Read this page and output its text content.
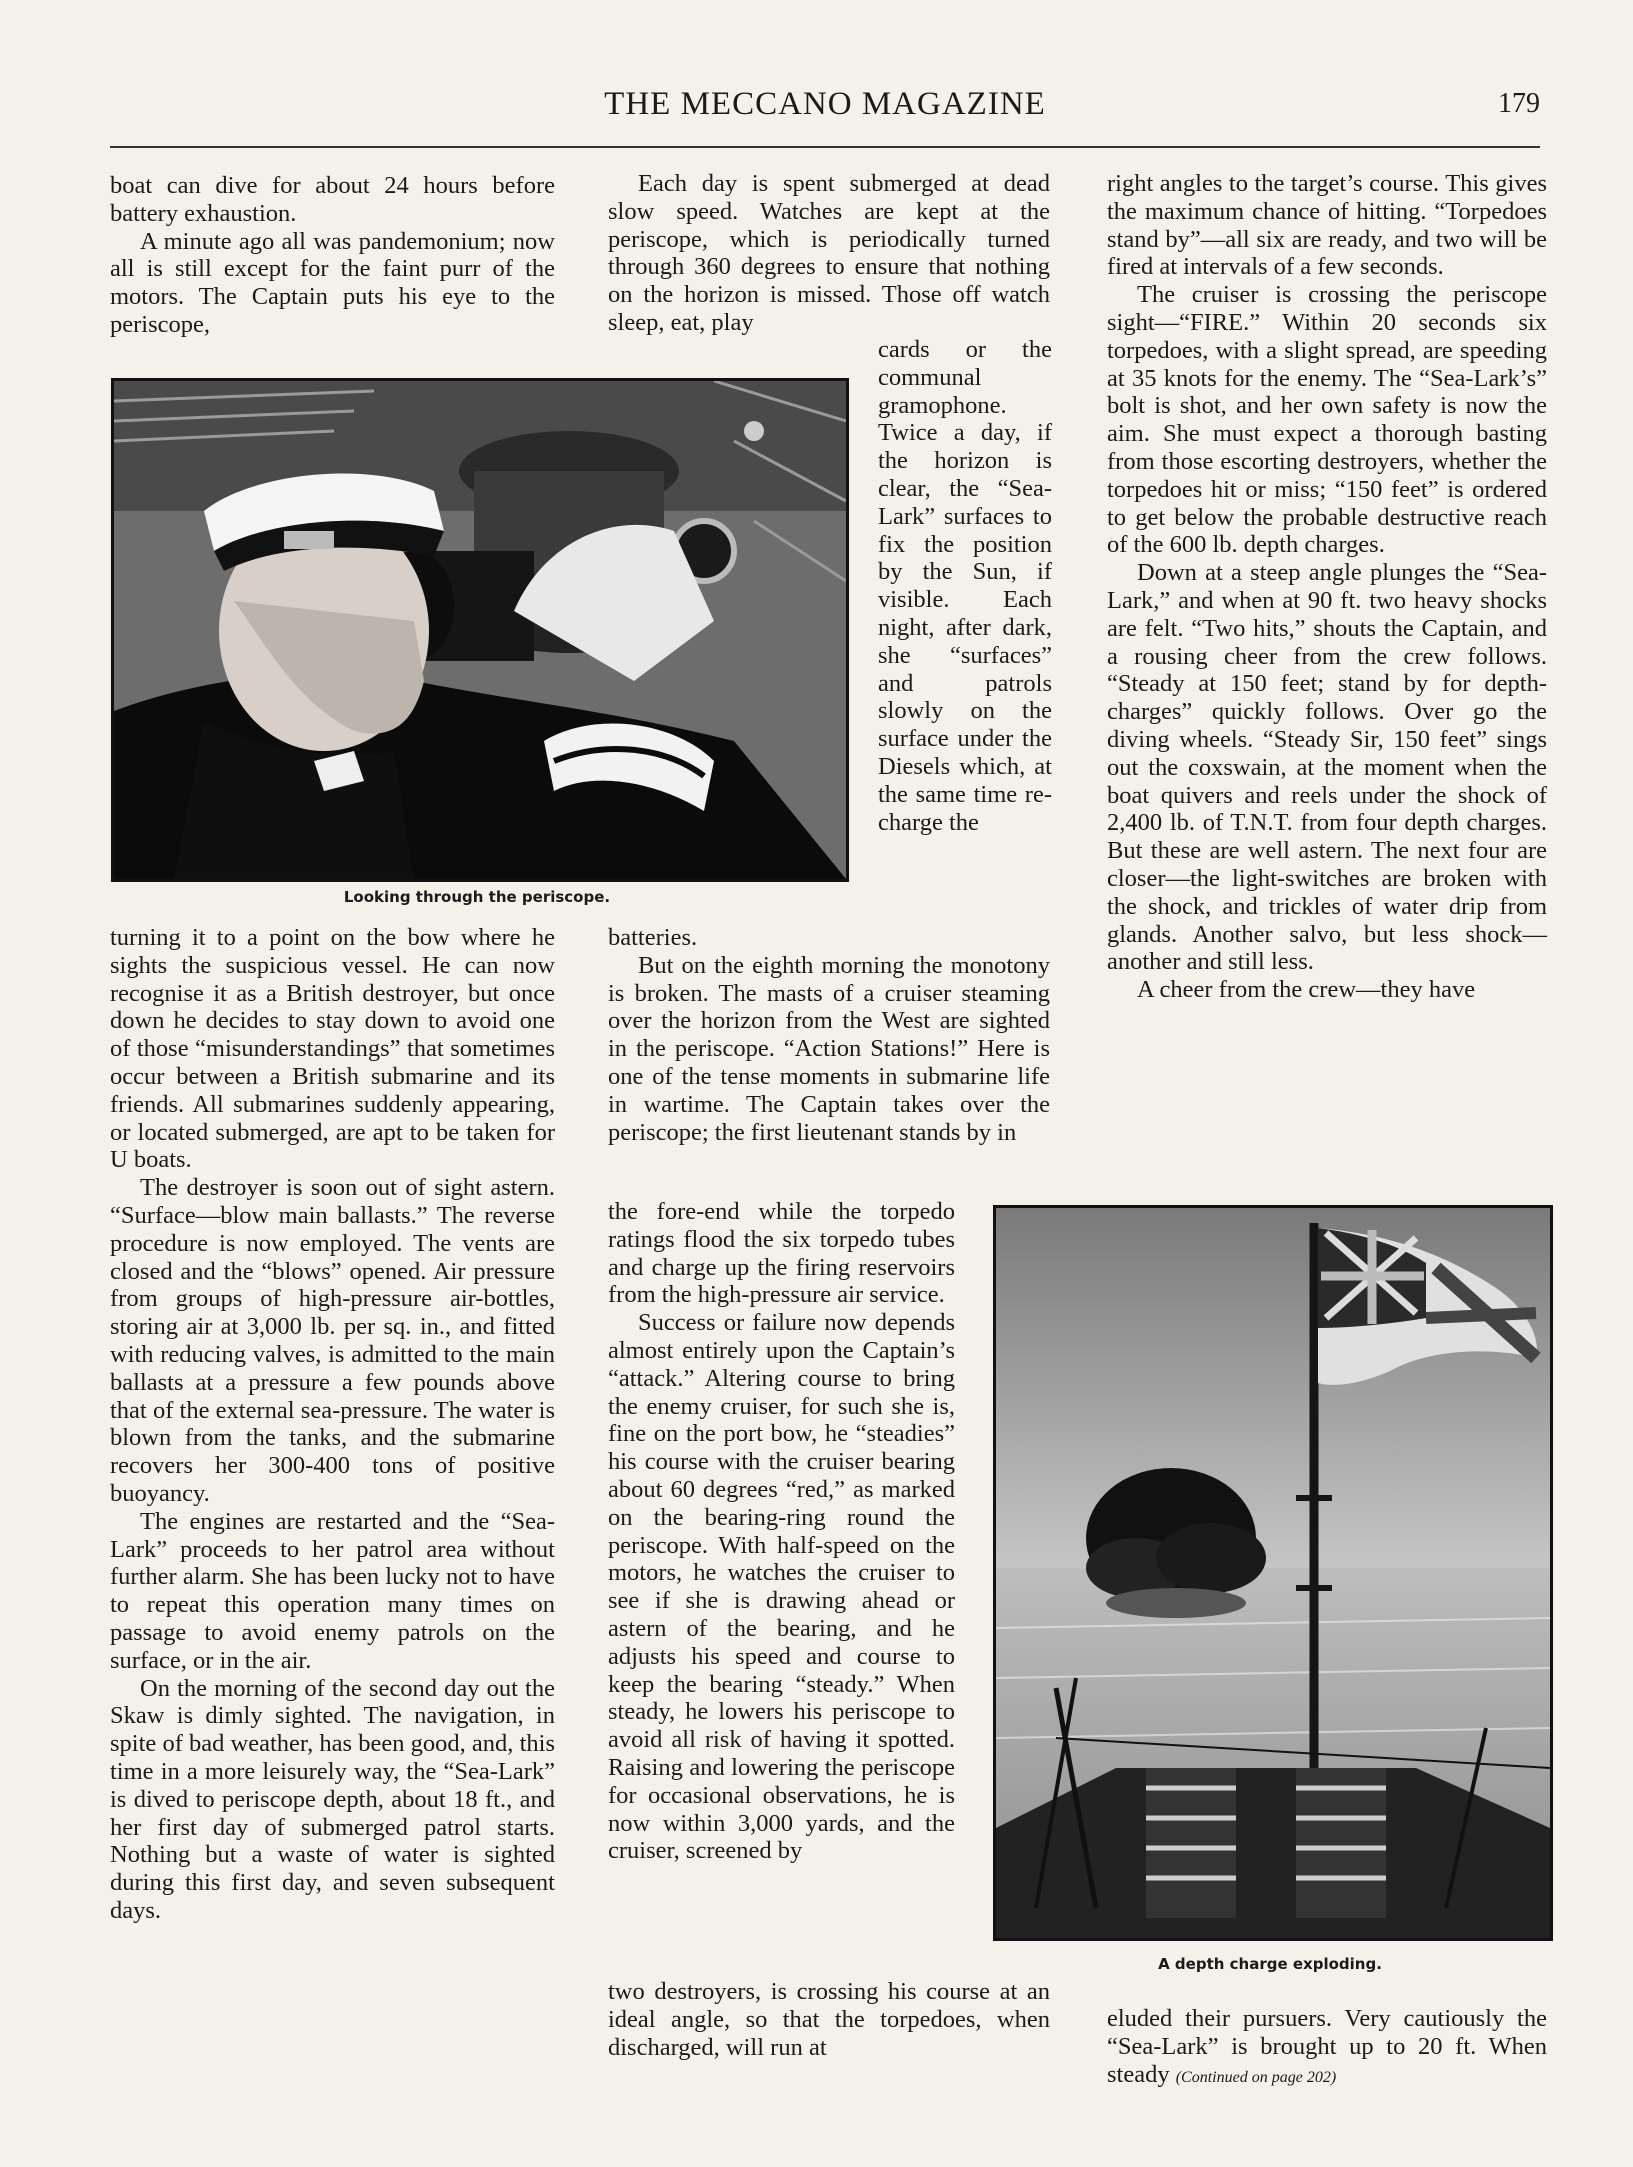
THE MECCANO MAGAZINE	179

boat can dive for about 24 hours before battery exhaustion.

A minute ago all was pandemonium; now all is still except for the faint purr of the motors. The Captain puts his eye to the periscope,

Looking through the periscope.

turning it to a point on the bow where he sights the suspicious vessel. He can now recognise it as a British destroyer, but once down he decides to stay down to avoid one of those “misunderstandings” that sometimes occur between a British submarine and its friends. All submarines suddenly appearing, or located submerged, are apt to be taken for U boats.

The destroyer is soon out of sight astern. “Surface—blow main ballasts.” The reverse procedure is now employed. The vents are closed and the “blows” opened. Air pressure from groups of high-pressure air-bottles, storing air at 3,000 lb. per sq. in., and fitted with reducing valves, is admitted to the main ballasts at a pressure a few pounds above that of the external sea-pressure. The water is blown from the tanks, and the submarine recovers her 300-400 tons of positive buoyancy.

The engines are restarted and the “Sea-Lark” proceeds to her patrol area without further alarm. She has been lucky not to have to repeat this operation many times on passage to avoid enemy patrols on the surface, or in the air.

On the morning of the second day out the Skaw is dimly sighted. The navigation, in spite of bad weather, has been good, and, this time in a more leisurely way, the “Sea-Lark” is dived to periscope depth, about 18 ft., and her first day of submerged patrol starts. Nothing but a waste of water is sighted during this first day, and seven subsequent days.

Each day is spent submerged at dead slow speed. Watches are kept at the periscope, which is periodically turned through 360 degrees to ensure that nothing on the horizon is missed. Those off watch sleep, eat, play

cards or the communal gramophone. Twice a day, if the horizon is clear, the “Sea-Lark” surfaces to fix the position by the Sun, if visible. Each night, after dark, she “surfaces” and patrols slowly on the surface under the Diesels which, at the same time re-charge the

batteries.

But on the eighth morning the monotony is broken. The masts of a cruiser steaming over the horizon from the West are sighted in the periscope. “Action Stations!” Here is one of the tense moments in submarine life in wartime. The Captain takes over the periscope; the first lieutenant stands by in

the fore-end while the torpedo ratings flood the six torpedo tubes and charge up the firing reservoirs from the high-pressure air service.

Success or failure now depends almost entirely upon the Captain’s “attack.” Altering course to bring the enemy cruiser, for such she is, fine on the port bow, he “steadies” his course with the cruiser bearing about 60 degrees “red,” as marked on the bearing-ring round the periscope. With half-speed on the motors, he watches the cruiser to see if she is drawing ahead or astern of the bearing, and he adjusts his speed and course to keep the bearing “steady.” When steady, he lowers his periscope to avoid all risk of having it spotted. Raising and lowering the periscope for occasional observations, he is now within 3,000 yards, and the cruiser, screened by

two destroyers, is crossing his course at an ideal angle, so that the torpedoes, when discharged, will run at

right angles to the target’s course. This gives the maximum chance of hitting. “Torpedoes stand by”—all six are ready, and two will be fired at intervals of a few seconds.

The cruiser is crossing the periscope sight—“FIRE.” Within 20 seconds six torpedoes, with a slight spread, are speeding at 35 knots for the enemy. The “Sea-Lark’s” bolt is shot, and her own safety is now the aim. She must expect a thorough basting from those escorting destroyers, whether the torpedoes hit or miss; “150 feet” is ordered to get below the probable destructive reach of the 600 lb. depth charges.

Down at a steep angle plunges the “Sea-Lark,” and when at 90 ft. two heavy shocks are felt. “Two hits,” shouts the Captain, and a rousing cheer from the crew follows. “Steady at 150 feet; stand by for depth-charges” quickly follows. Over go the diving wheels. “Steady Sir, 150 feet” sings out the coxswain, at the moment when the boat quivers and reels under the shock of 2,400 lb. of T.N.T. from four depth charges. But these are well astern. The next four are closer—the light-switches are broken with the shock, and trickles of water drip from glands. Another salvo, but less shock—another and still less.

A cheer from the crew—they have

A depth charge exploding.

eluded their pursuers. Very cautiously the “Sea-Lark” is brought up to 20 ft. When steady (Continued on page 202)
